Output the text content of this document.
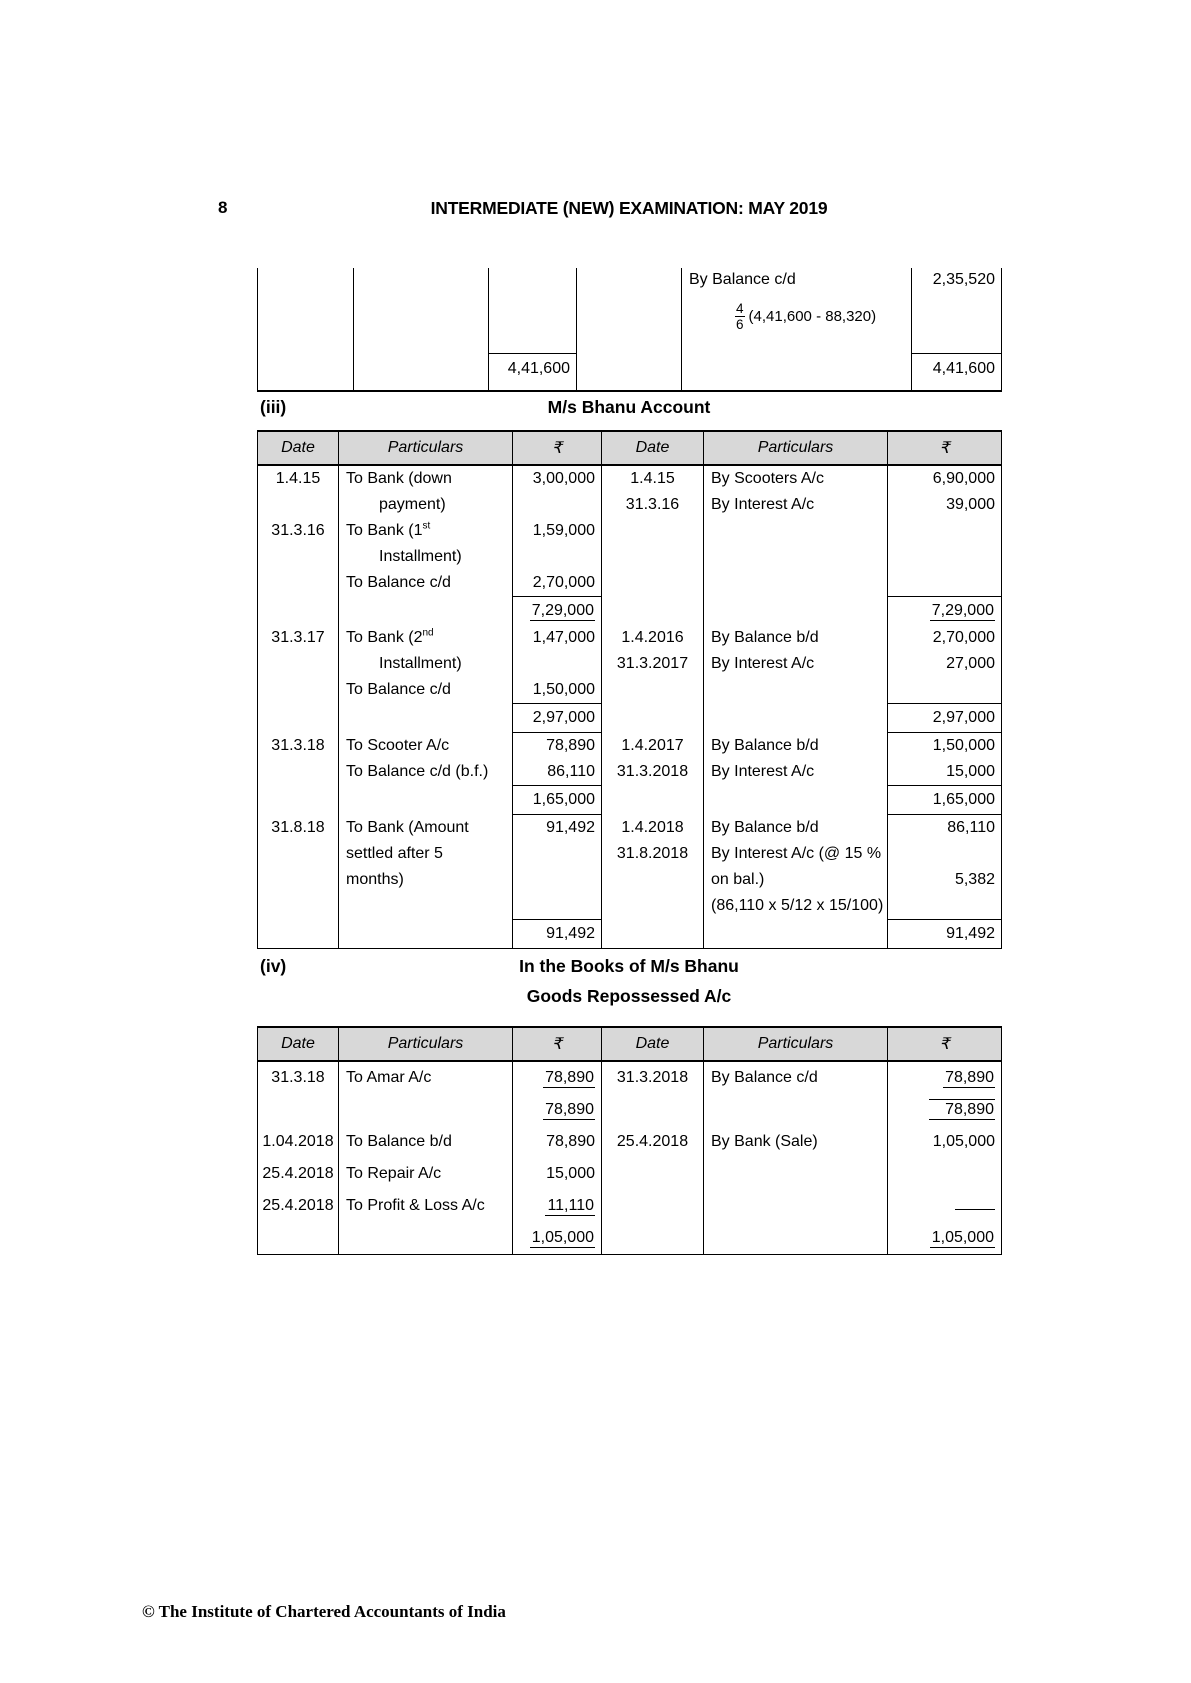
8	INTERMEDIATE (NEW) EXAMINATION: MAY 2019
				By Balance c/d	2,35,520

				$\frac{4}{6} (4,41,600 - 88,320)$	

		4,41,600			4,41,600
(iii)	M/s Bhanu Account
Date	Particulars	₹	Date	Particulars	₹
1.4.15	To Bank (down	3,00,000	1.4.15	By Scooters A/c	6,90,000
	payment)		31.3.16	By Interest A/c	39,000
31.3.16	To Bank (1st	1,59,000			
	Installment)				
	To Balance c/d	2,70,000			
		7,29,000			7,29,000
31.3.17	To Bank (2nd	1,47,000	1.4.2016	By Balance b/d	2,70,000
	Installment)		31.3.2017	By Interest A/c	27,000
	To Balance c/d	1,50,000			
		2,97,000			2,97,000
31.3.18	To Scooter A/c	78,890	1.4.2017	By Balance b/d	1,50,000
	To Balance c/d (b.f.)	86,110	31.3.2018	By Interest A/c	15,000
		1,65,000			1,65,000
31.8.18	To Bank (Amount	91,492	1.4.2018	By Balance b/d	86,110
	settled after 5		31.8.2018	By Interest A/c (@ 15 %	
	months)			on bal.)	5,382
				(86,110 x 5/12 x 15/100)	
		91,492			91,492
(iv)	In the Books of M/s Bhanu
Goods Repossessed A/c
Date	Particulars	₹	Date	Particulars	₹
31.3.18	To Amar A/c	78,890	31.3.2018	By Balance c/d	78,890
		78,890			78,890
1.04.2018	To Balance b/d	78,890	25.4.2018	By Bank (Sale)	1,05,000
25.4.2018	To Repair A/c	15,000			
25.4.2018	To Profit & Loss A/c	11,110			
		1,05,000			1,05,000
© The Institute of Chartered Accountants of India
